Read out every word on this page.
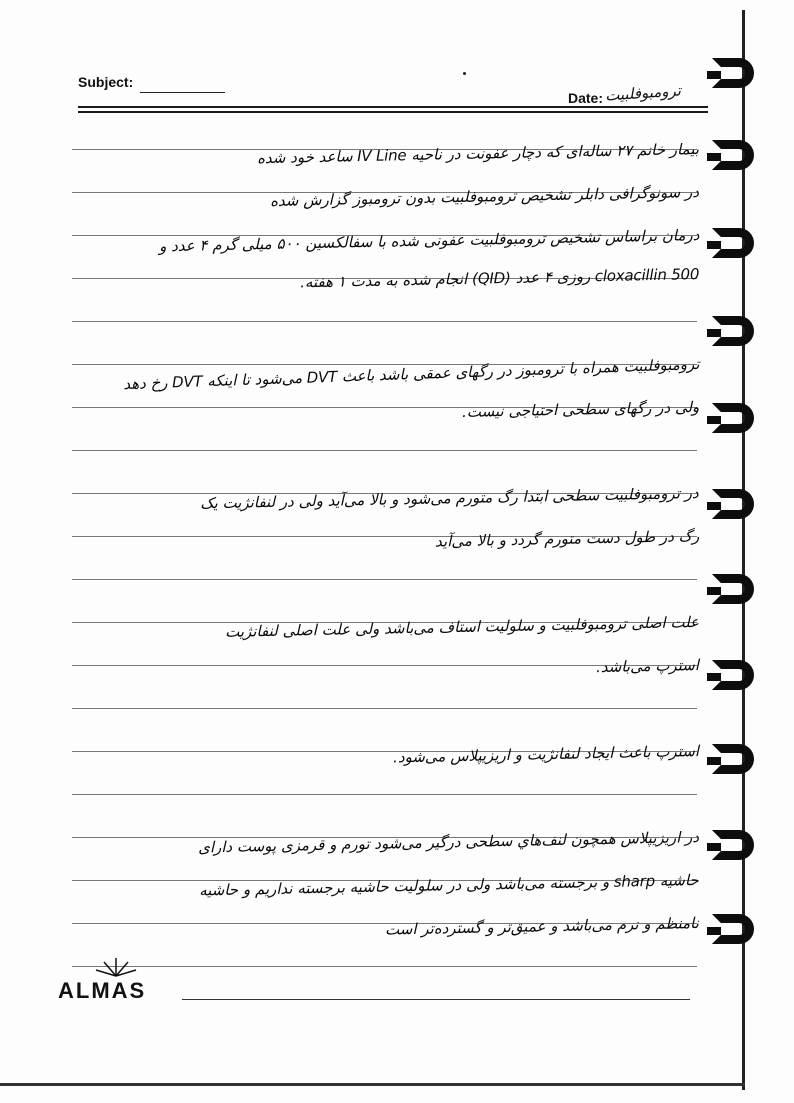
Subject:
Date: ترومبوفلبیت
بیمار خانم ۲۷ ساله‌ای که دچار عفونت در ناحیه IV Line ساعد خود شده
در سونوگرافی دابلر تشخیص ترومبوفلبیت بدون ترومبوز گزارش شده
درمان براساس تشخیص ترومبوفلبیت عفونی شده با سفالکسین ۵۰۰ میلی گرم ۴ عدد و
cloxacillin 500 روزی ۴ عدد (QID) انجام شده به مدت ۱ هفته.
ترومبوفلبیت همراه با ترومبوز در رگهای عمقی باشد باعث DVT می‌شود تا اینکه DVT رخ دهد
ولی در رگهای سطحی احتیاجی نیست.
در ترومبوفلبیت سطحی ابتدا رگ متورم می‌شود و بالا می‌آید ولی در لنفانژیت یک
رگ در طول دست متورم گردد و بالا می‌آید
علت اصلی ترومبوفلبیت و سلولیت استاف می‌باشد ولی علت اصلی لنفانژیت
استرپ می‌باشد.
استرپ باعث ایجاد لنفانژیت و اریزیپلاس می‌شود.
در اریزیپلاس همچون لنف‌هاي سطحی درگیر می‌شود تورم و قرمزی پوست دارای
حاشیه sharp و برجسته می‌باشد ولی در سلولیت حاشیه برجسته نداریم و حاشیه
نامنظم و نرم می‌باشد و عمیق‌تر و گسترده‌تر است
ALMAS
